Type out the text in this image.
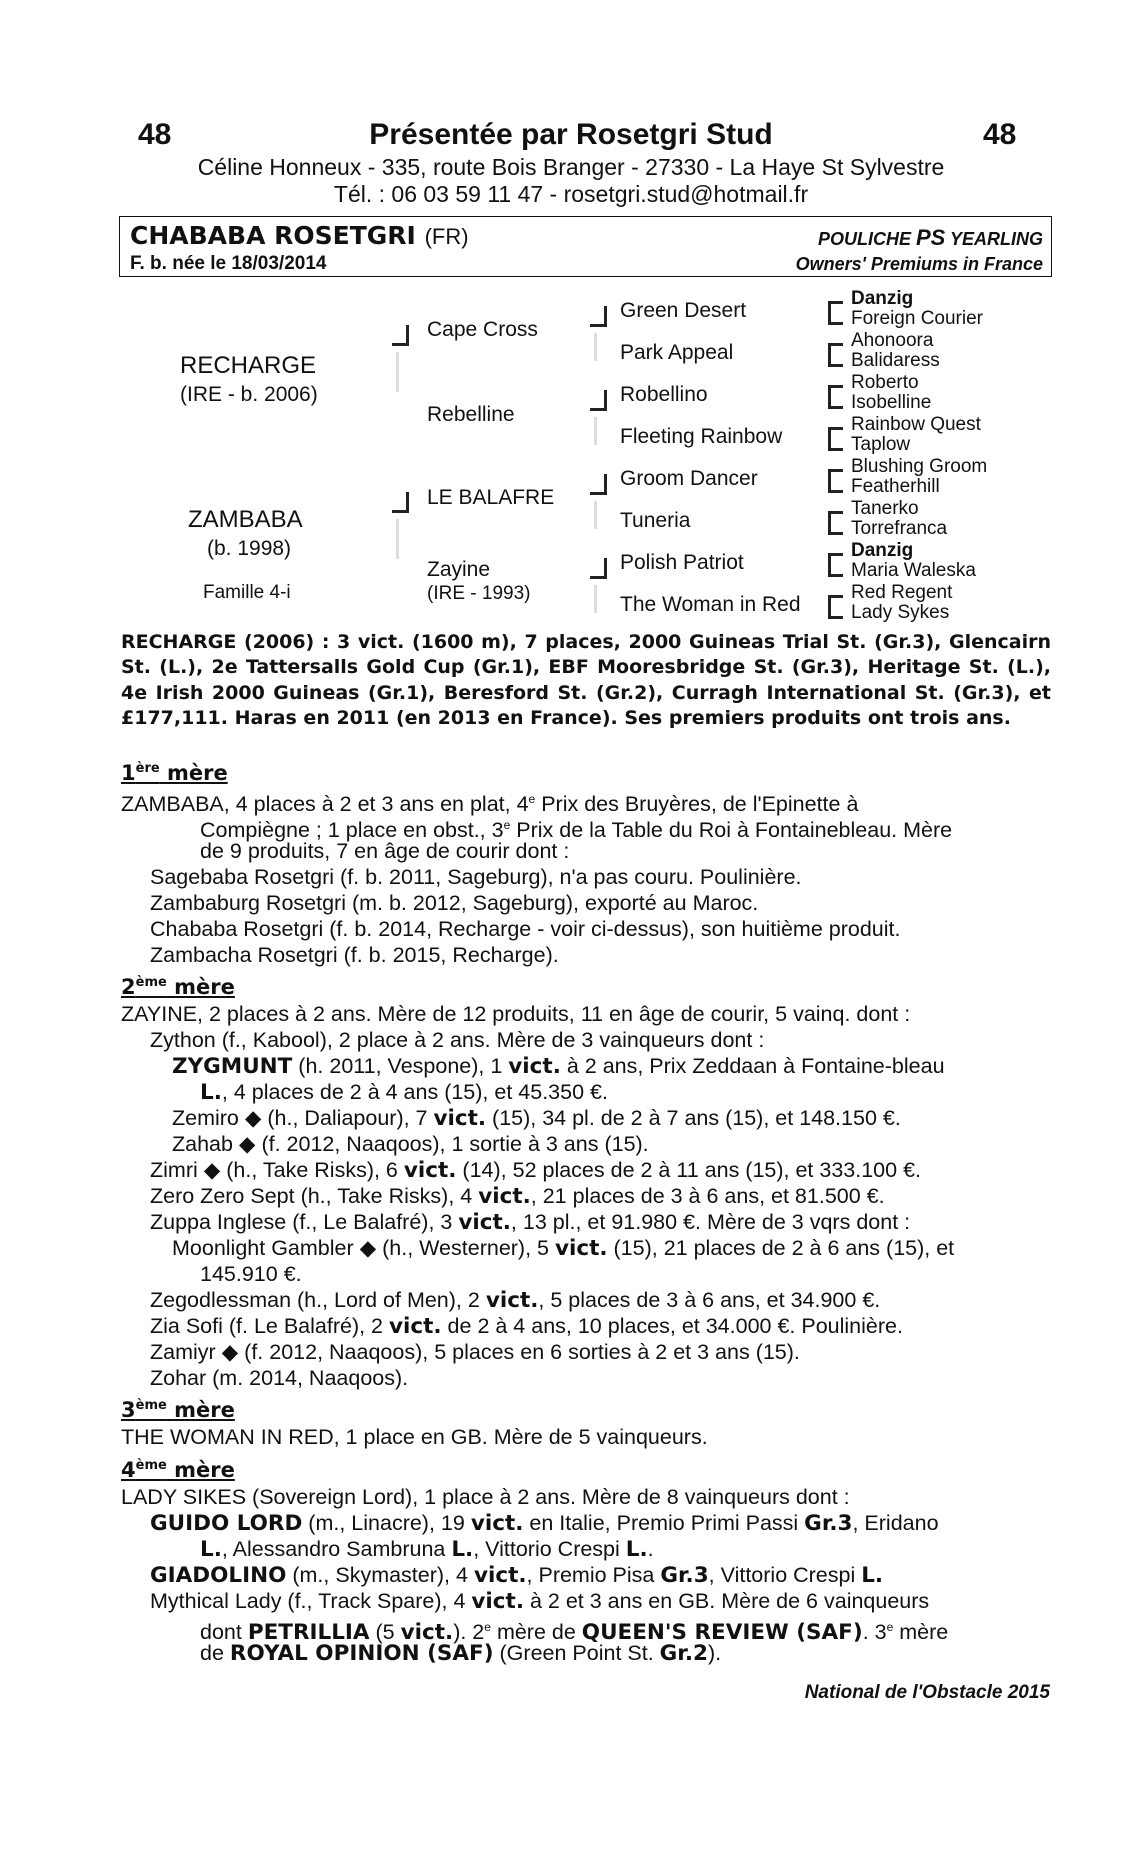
48	Présentée par Rosetgri Stud	48
Céline Honneux - 335, route Bois Branger - 27330 - La Haye St Sylvestre
Tél. : 06 03 59 11 47 - rosetgri.stud@hotmail.fr
CHABABA ROSETGRI (FR)
F. b. née le 18/03/2014
POULICHE PS YEARLING
Owners' Premiums in France
RECHARGE
(IRE - b. 2006)
ZAMBABA
(b. 1998)
Famille 4-i
Cape Cross
Rebelline
LE BALAFRE
Zayine
(IRE - 1993)
Green Desert
Park Appeal
Robellino
Fleeting Rainbow
Groom Dancer
Tuneria
Polish Patriot
The Woman in Red
Danzig
Foreign Courier
Ahonoora
Balidaress
Roberto
Isobelline
Rainbow Quest
Taplow
Blushing Groom
Featherhill
Tanerko
Torrefranca
Danzig
Maria Waleska
Red Regent
Lady Sykes
RECHARGE (2006) : 3 vict. (1600 m), 7 places, 2000 Guineas Trial St. (Gr.3), Glencairn St. (L.), 2e Tattersalls Gold Cup (Gr.1), EBF Mooresbridge St. (Gr.3), Heritage St. (L.), 4e Irish 2000 Guineas (Gr.1), Beresford St. (Gr.2), Curragh International St. (Gr.3), et £177,111. Haras en 2011 (en 2013 en France). Ses premiers produits ont trois ans.
1ère mère
ZAMBABA, 4 places à 2 et 3 ans en plat, 4e Prix des Bruyères, de l'Epinette à
Compiègne ; 1 place en obst., 3e Prix de la Table du Roi à Fontainebleau. Mère
de 9 produits, 7 en âge de courir dont :
Sagebaba Rosetgri (f. b. 2011, Sageburg), n'a pas couru. Poulinière.
Zambaburg Rosetgri (m. b. 2012, Sageburg), exporté au Maroc.
Chababa Rosetgri (f. b. 2014, Recharge - voir ci-dessus), son huitième produit.
Zambacha Rosetgri (f. b. 2015, Recharge).
2ème mère
ZAYINE, 2 places à 2 ans. Mère de 12 produits, 11 en âge de courir, 5 vainq. dont :
Zython (f., Kabool), 2 place à 2 ans. Mère de 3 vainqueurs dont :
ZYGMUNT (h. 2011, Vespone), 1 vict. à 2 ans, Prix Zeddaan à Fontaine-bleau
L., 4 places de 2 à 4 ans (15), et 45.350 €.
Zemiro ◆ (h., Daliapour), 7 vict. (15), 34 pl. de 2 à 7 ans (15), et 148.150 €.
Zahab ◆ (f. 2012, Naaqoos), 1 sortie à 3 ans (15).
Zimri ◆ (h., Take Risks), 6 vict. (14), 52 places de 2 à 11 ans (15), et 333.100 €.
Zero Zero Sept (h., Take Risks), 4 vict., 21 places de 3 à 6 ans, et 81.500 €.
Zuppa Inglese (f., Le Balafré), 3 vict., 13 pl., et 91.980 €. Mère de 3 vqrs dont :
Moonlight Gambler ◆ (h., Westerner), 5 vict. (15), 21 places de 2 à 6 ans (15), et
145.910 €.
Zegodlessman (h., Lord of Men), 2 vict., 5 places de 3 à 6 ans, et 34.900 €.
Zia Sofi (f. Le Balafré), 2 vict. de 2 à 4 ans, 10 places, et 34.000 €. Poulinière.
Zamiyr ◆ (f. 2012, Naaqoos), 5 places en 6 sorties à 2 et 3 ans (15).
Zohar (m. 2014, Naaqoos).
3ème mère
THE WOMAN IN RED, 1 place en GB. Mère de 5 vainqueurs.
4ème mère
LADY SIKES (Sovereign Lord), 1 place à 2 ans. Mère de 8 vainqueurs dont :
GUIDO LORD (m., Linacre), 19 vict. en Italie, Premio Primi Passi Gr.3, Eridano
L., Alessandro Sambruna L., Vittorio Crespi L..
GIADOLINO (m., Skymaster), 4 vict., Premio Pisa Gr.3, Vittorio Crespi L.
Mythical Lady (f., Track Spare), 4 vict. à 2 et 3 ans en GB. Mère de 6 vainqueurs
dont PETRILLIA (5 vict.). 2e mère de QUEEN'S REVIEW (SAF). 3e mère
de ROYAL OPINION (SAF) (Green Point St. Gr.2).
National de l'Obstacle 2015
